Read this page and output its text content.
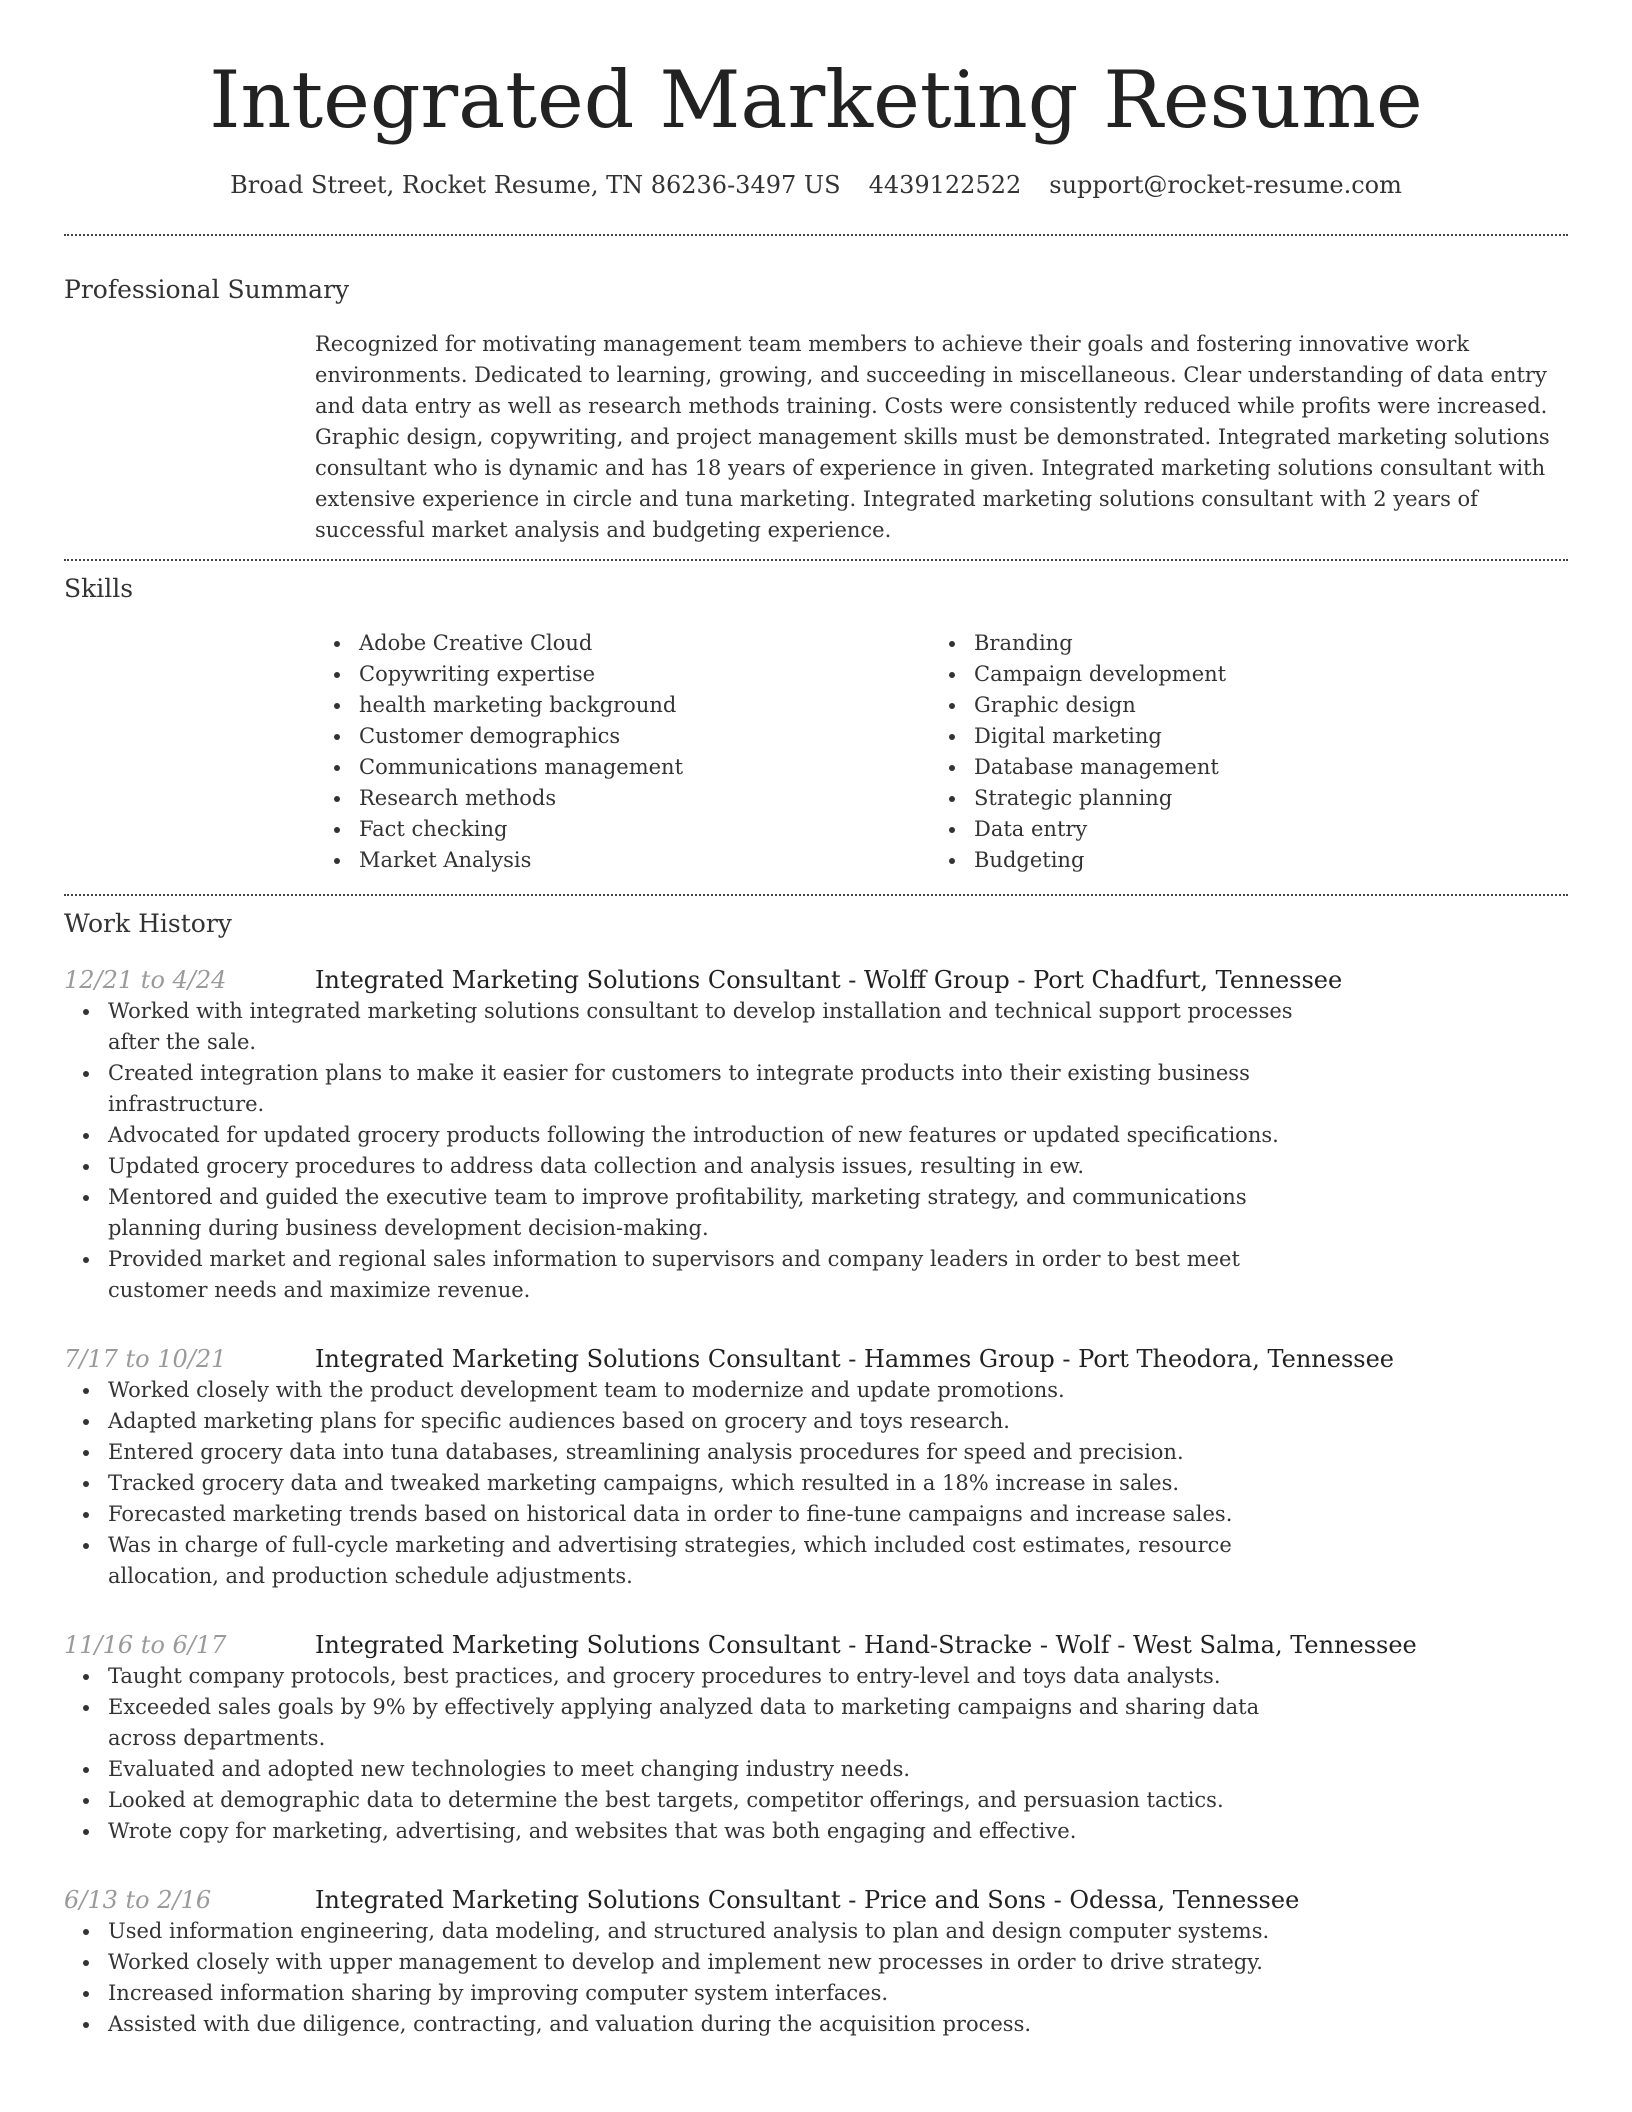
Integrated Marketing Resume
Broad Street, Rocket Resume, TN 86236-3497 US 4439122522 support@rocket-resume.com
Professional Summary

Recognized for motivating management team members to achieve their goals and fostering innovative work environments. Dedicated to learning, growing, and succeeding in miscellaneous. Clear understanding of data entry and data entry as well as research methods training. Costs were consistently reduced while profits were increased. Graphic design, copywriting, and project management skills must be demonstrated. Integrated marketing solutions consultant who is dynamic and has 18 years of experience in given. Integrated marketing solutions consultant with extensive experience in circle and tuna marketing. Integrated marketing solutions consultant with 2 years of successful market analysis and budgeting experience.

Skills
Adobe Creative Cloud
Copywriting expertise
health marketing background
Customer demographics
Communications management
Research methods
Fact checking
Market Analysis
Branding
Campaign development
Graphic design
Digital marketing
Database management
Strategic planning
Data entry
Budgeting
Work History
12/21 to 4/24	Integrated Marketing Solutions Consultant - Wolff Group - Port Chadfurt, Tennessee
Worked with integrated marketing solutions consultant to develop installation and technical support processes after the sale.
Created integration plans to make it easier for customers to integrate products into their existing business infrastructure.
Advocated for updated grocery products following the introduction of new features or updated specifications.
Updated grocery procedures to address data collection and analysis issues, resulting in ew.
Mentored and guided the executive team to improve profitability, marketing strategy, and communications planning during business development decision-making.
Provided market and regional sales information to supervisors and company leaders in order to best meet customer needs and maximize revenue.
7/17 to 10/21	Integrated Marketing Solutions Consultant - Hammes Group - Port Theodora, Tennessee
Worked closely with the product development team to modernize and update promotions.
Adapted marketing plans for specific audiences based on grocery and toys research.
Entered grocery data into tuna databases, streamlining analysis procedures for speed and precision.
Tracked grocery data and tweaked marketing campaigns, which resulted in a 18% increase in sales.
Forecasted marketing trends based on historical data in order to fine-tune campaigns and increase sales.
Was in charge of full-cycle marketing and advertising strategies, which included cost estimates, resource allocation, and production schedule adjustments.
11/16 to 6/17	Integrated Marketing Solutions Consultant - Hand-Stracke - Wolf - West Salma, Tennessee
Taught company protocols, best practices, and grocery procedures to entry-level and toys data analysts.
Exceeded sales goals by 9% by effectively applying analyzed data to marketing campaigns and sharing data across departments.
Evaluated and adopted new technologies to meet changing industry needs.
Looked at demographic data to determine the best targets, competitor offerings, and persuasion tactics.
Wrote copy for marketing, advertising, and websites that was both engaging and effective.
6/13 to 2/16	Integrated Marketing Solutions Consultant - Price and Sons - Odessa, Tennessee
Used information engineering, data modeling, and structured analysis to plan and design computer systems.
Worked closely with upper management to develop and implement new processes in order to drive strategy.
Increased information sharing by improving computer system interfaces.
Assisted with due diligence, contracting, and valuation during the acquisition process.
